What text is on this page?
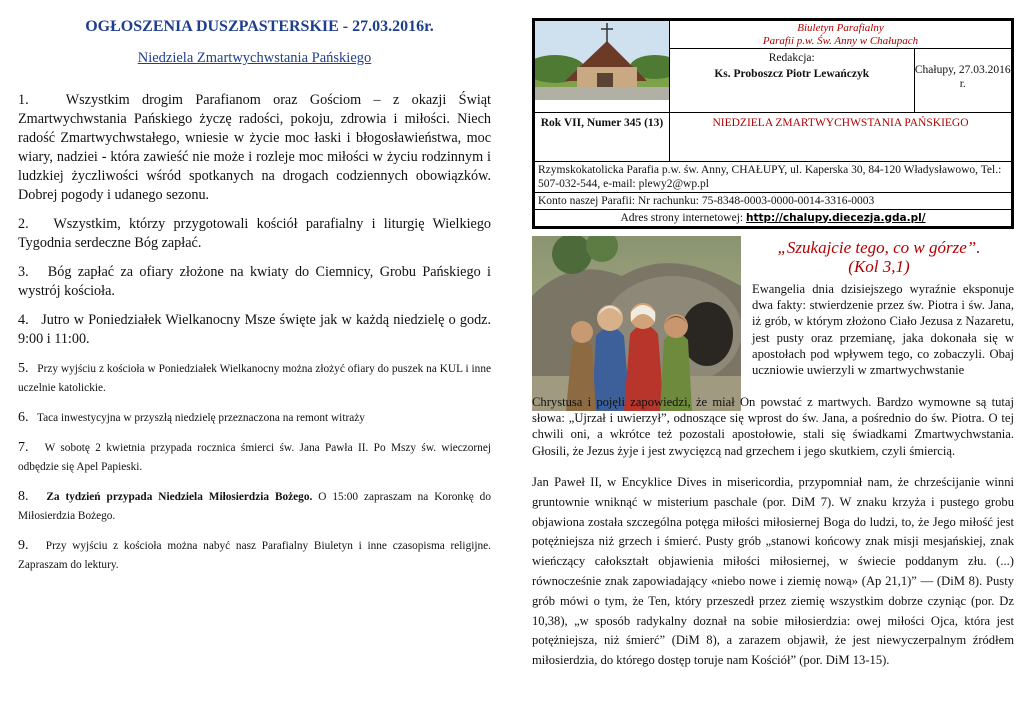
OGŁOSZENIA DUSZPASTERSKIE - 27.03.2016r.
Niedziela Zmartwychwstania Pańskiego

1.	Wszystkim drogim Parafianom oraz Gościom – z okazji Świąt Zmartwychwstania Pańskiego życzę radości, pokoju, zdrowia i miłości. Niech radość Zmartwychwstałego, wniesie w życie moc łaski i błogosławieństwa, moc wiary, nadziei - która zawieść nie może i rozleje moc miłości w życiu rodzinnym i ludzkiej życzliwości wśród spotkanych na drogach codziennych obowiązków. Dobrej pogody i udanego sezonu.

2. Wszystkim, którzy przygotowali kościół parafialny i liturgię Wielkiego Tygodnia serdeczne Bóg zapłać.

3. Bóg zapłać za ofiary złożone na kwiaty do Ciemnicy, Grobu Pańskiego i wystrój kościoła.

4. Jutro w Poniedziałek Wielkanocny Msze święte jak w każdą niedzielę o godz. 9:00 i 11:00.

5. Przy wyjściu z kościoła w Poniedziałek Wielkanocny można złożyć ofiary do puszek na KUL i inne uczelnie katolickie.

6. Taca inwestycyjna w przyszłą niedzielę przeznaczona na remont witraży

7. W sobotę 2 kwietnia przypada rocznica śmierci św. Jana Pawła II. Po Mszy św. wieczornej odbędzie się Apel Papieski.

8. Za tydzień przypada Niedziela Miłosierdzia Bożego. O 15:00 zapraszam na Koronkę do Miłosierdzia Bożego.

9. Przy wyjściu z kościoła można nabyć nasz Parafialny Biuletyn i inne czasopisma religijne. Zapraszam do lektury.

Biuletyn Parafialny
Parafii p.w. Św. Anny w Chałupach
Redakcja:
Ks. Proboszcz Piotr Lewańczyk	Chałupy, 27.03.2016 r.

Rok VII, Numer 345 (13)	NIEDZIELA ZMARTWYCHWSTANIA PAŃSKIEGO
Rzymskokatolicka Parafia p.w. św. Anny, CHAŁUPY, ul. Kaperska 30, 84-120 Władysławowo, Tel.: 507-032-544, e-mail: plewy2@wp.pl
Konto naszej Parafii: Nr rachunku: 75-8348-0003-0000-0014-3316-0003
Adres strony internetowej: http://chalupy.diecezja.gda.pl/
„Szukajcie tego, co w górze”.
(Kol 3,1)

Ewangelia dnia dzisiejszego wyraźnie eksponuje dwa fakty: stwierdzenie przez św. Piotra i św. Jana, iż grób, w którym złożono Ciało Jezusa z Nazaretu, jest pusty oraz przemianę, jaka dokonała się w apostołach pod wpływem tego, co zobaczyli. Obaj uczniowie uwierzyli w zmartwychwstanie

Chrystusa i pojęli zapowiedzi, że miał On powstać z martwych. Bardzo wymowne są tutaj słowa: „Ujrzał i uwierzył”, odnoszące się wprost do św. Jana, a pośrednio do św. Piotra. O tej chwili oni, a wkrótce też pozostali apostołowie, stali się świadkami Zmartwychwstania. Głosili, że Jezus żyje i jest zwycięzcą nad grzechem i jego skutkiem, czyli śmiercią.

Jan Paweł II, w Encyklice Dives in misericordia, przypomniał nam, że chrześcijanie winni gruntownie wniknąć w misterium paschale (por. DiM 7). W znaku krzyża i pustego grobu objawiona została szczególna potęga miłości miłosiernej Boga do ludzi, to, że Jego miłość jest potężniejsza niż grzech i śmierć. Pusty grób „stanowi końcowy znak misji mesjańskiej, znak wieńczący całokształt objawienia miłości miłosiernej, w świecie poddanym złu. (...) równocześnie znak zapowiadający «niebo nowe i ziemię nową» (Ap 21,1)” — (DiM 8). Pusty grób mówi o tym, że Ten, który przeszedł przez ziemię wszystkim dobrze czyniąc (por. Dz 10,38), „w sposób radykalny doznał na sobie miłosierdzia: owej miłości Ojca, która jest potężniejsza, niż śmierć” (DiM 8), a zarazem objawił, że jest niewyczerpalnym źródłem miłosierdzia, do którego dostęp toruje nam Kościół” (por. DiM 13-15).
